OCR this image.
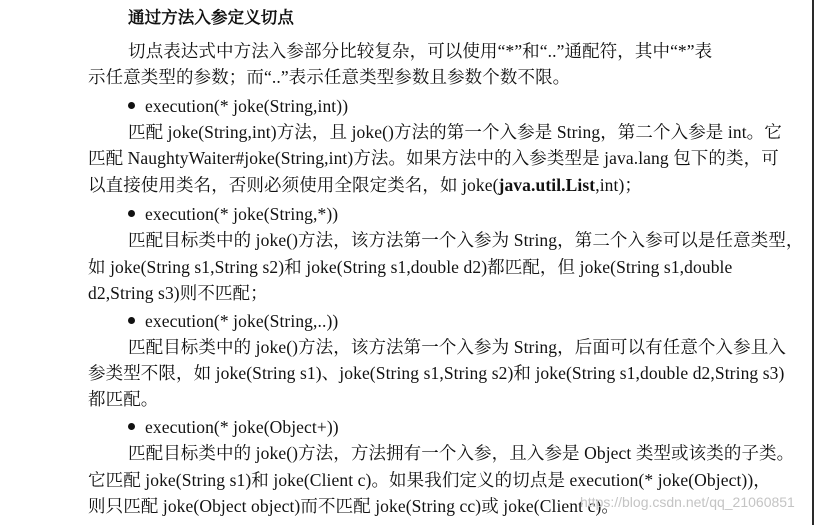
通过方法入参定义切点
切点表达式中方法入参部分比较复杂，可以使用“*”和“..”通配符，其中“*”表
示任意类型的参数；而“..”表示任意类型参数且参数个数不限。
execution(* joke(String,int))
匹配 joke(String,int)方法，且 joke()方法的第一个入参是 String，第二个入参是 int。它
匹配 NaughtyWaiter#joke(String,int)方法。如果方法中的入参类型是 java.lang 包下的类，可
以直接使用类名，否则必须使用全限定类名，如 joke(java.util.List,int)；
execution(* joke(String,*))
匹配目标类中的 joke()方法，该方法第一个入参为 String，第二个入参可以是任意类型，
如 joke(String s1,String s2)和 joke(String s1,double d2)都匹配，但 joke(String s1,double
d2,String s3)则不匹配；
execution(* joke(String,..))
匹配目标类中的 joke()方法，该方法第一个入参为 String，后面可以有任意个入参且入
参类型不限，如 joke(String s1)、joke(String s1,String s2)和 joke(String s1,double d2,String s3)
都匹配。
execution(* joke(Object+))
匹配目标类中的 joke()方法，方法拥有一个入参，且入参是 Object 类型或该类的子类。
它匹配 joke(String s1)和 joke(Client c)。如果我们定义的切点是 execution(* joke(Object))，
则只匹配 joke(Object object)而不匹配 joke(String cc)或 joke(Client c)。
https://blog.csdn.net/qq_21060851
